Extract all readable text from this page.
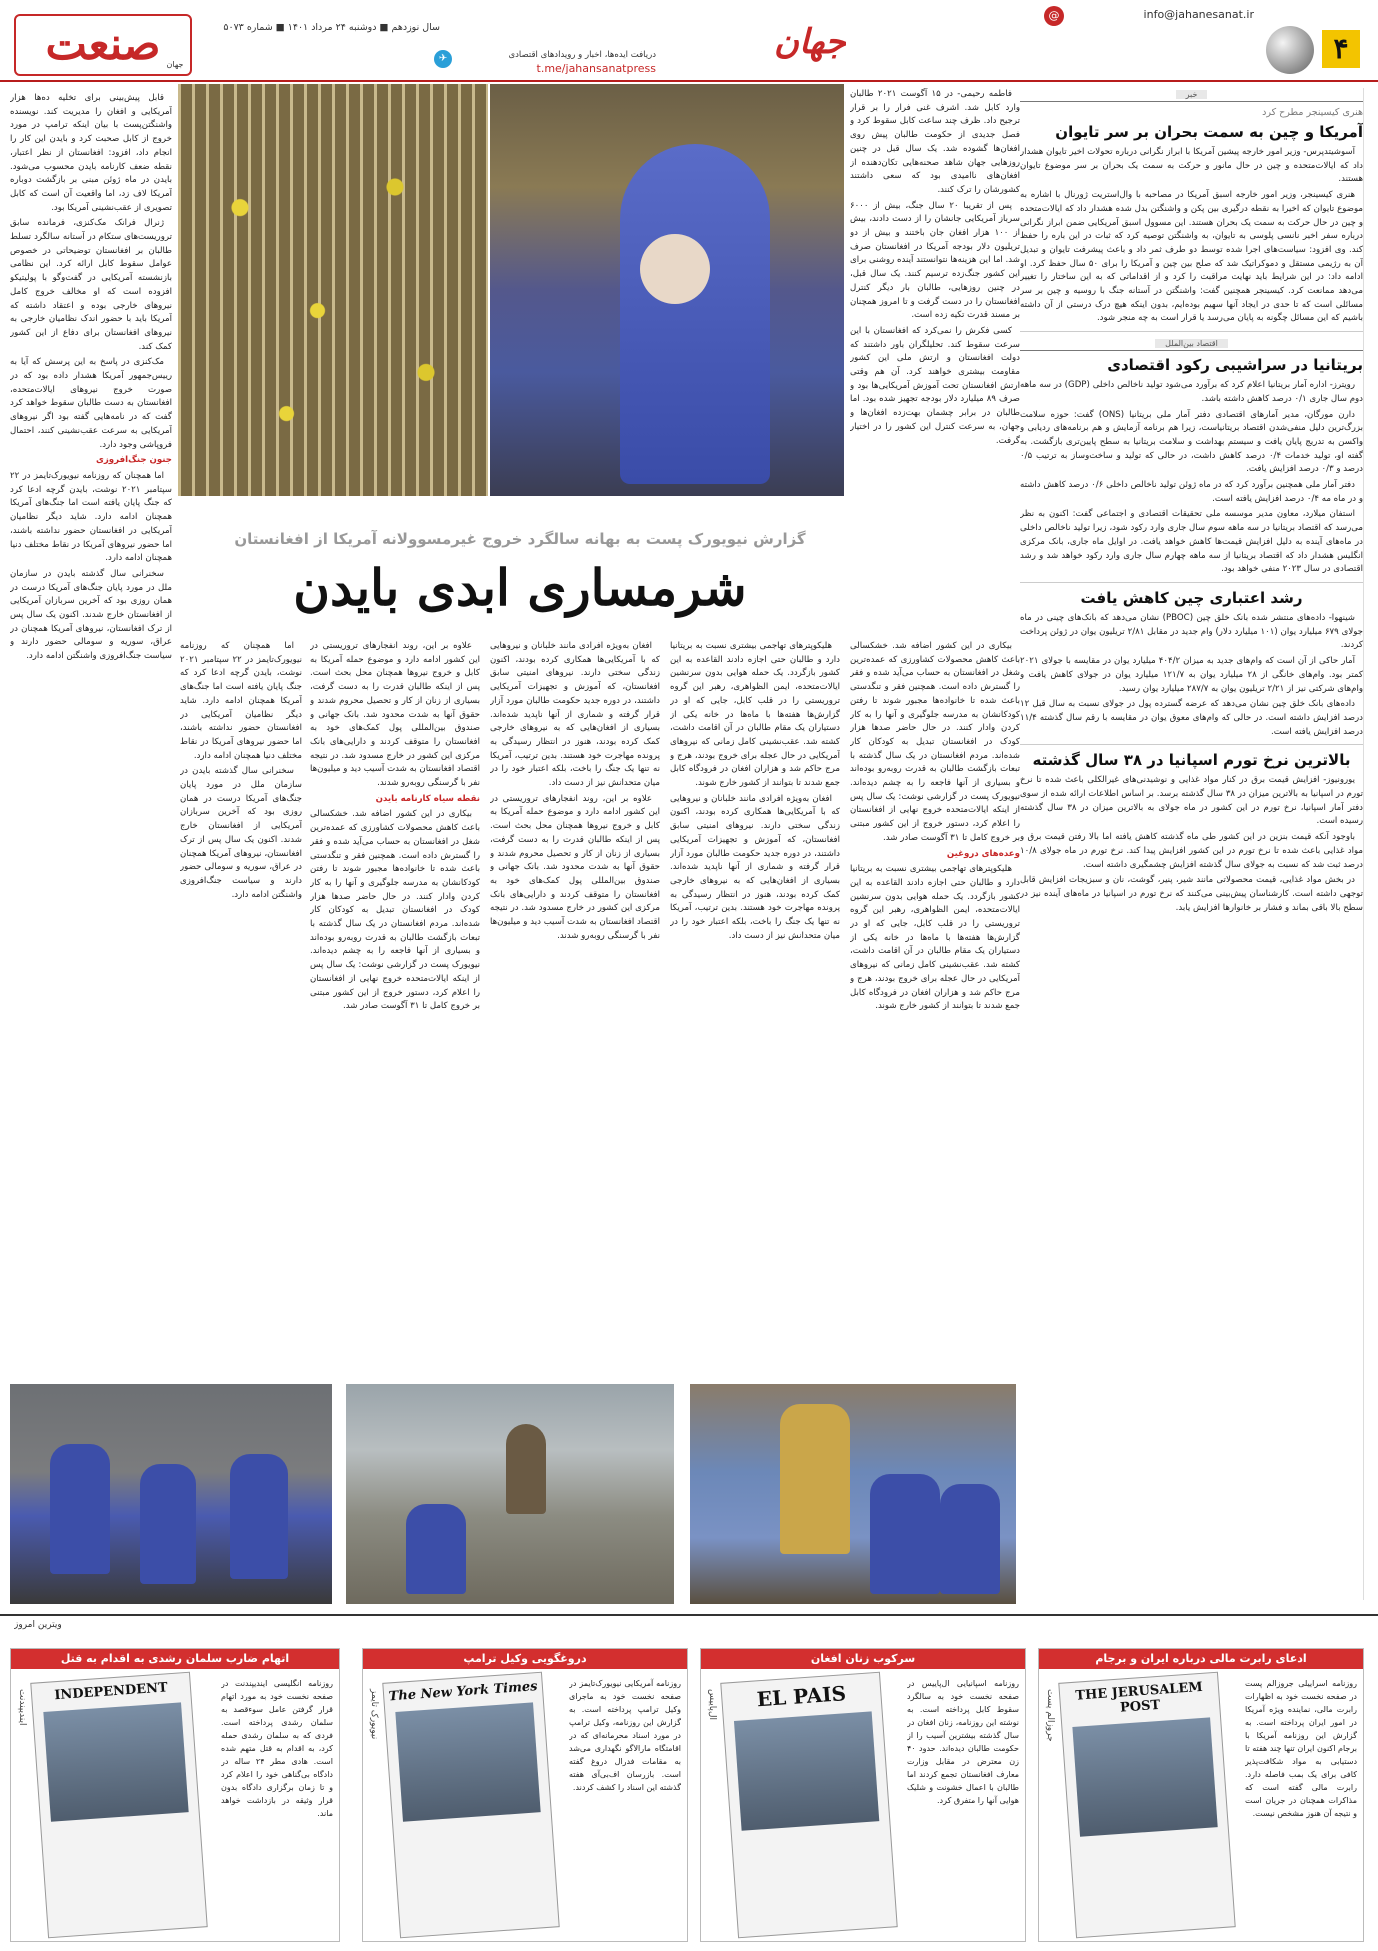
۴
info@jahanesanat.ir
@
جهان
✈	دریافت ایده‌ها، اخبار و رویدادهای اقتصادی
t.me/jahansanatpress
سال نوزدهم ■ دوشنبه ۲۴ مرداد ۱۴۰۱ ■ شماره ۵۰۷۳
صنعت جهان
خبر
هنری کیسینجر مطرح کرد
آمریکا و چین به سمت بحران بر سر تایوان

آسوشیتدپرس- وزیر امور خارجه پیشین آمریکا با ابراز نگرانی درباره تحولات اخیر تایوان هشدار داد که ایالات‌متحده و چین در حال مانور و حرکت به سمت یک بحران بر سر موضوع تایوان هستند.

هنری کیسینجر، وزیر امور خارجه اسبق آمریکا در مصاحبه با وال‌استریت ژورنال با اشاره به موضوع تایوان که اخیرا به نقطه درگیری بین پکن و واشنگتن بدل شده هشدار داد که ایالات‌متحده و چین در حال حرکت به سمت یک بحران هستند. این مسوول اسبق آمریکایی ضمن ابراز نگرانی درباره سفر اخیر نانسی پلوسی به تایوان، به واشنگتن توصیه کرد که ثبات در این باره را حفظ کند. وی افزود: سیاست‌های اجرا شده توسط دو طرف ثمر داد و باعث پیشرفت تایوان و تبدیل آن به رژیمی مستقل و دموکراتیک شد که صلح بین چین و آمریکا را برای ۵۰ سال حفظ کرد. او ادامه داد: در این شرایط باید نهایت مراقبت را کرد و از اقداماتی که به این ساختار را تغییر می‌دهد ممانعت کرد. کیسینجر همچنین گفت: واشنگتن در آستانه جنگ با روسیه و چین بر سر مسائلی است که تا حدی در ایجاد آنها سهیم بوده‌ایم، بدون اینکه هیچ درک درستی از آن داشته باشیم که این مسائل چگونه به پایان می‌رسد یا قرار است به چه منجر شود.

اقتصاد بین‌الملل
بریتانیا در سراشیبی رکود اقتصادی

رویترز- اداره آمار بریتانیا اعلام کرد که برآورد می‌شود تولید ناخالص داخلی (GDP) در سه ماهه دوم سال جاری ۰/۱ درصد کاهش داشته باشد.

دارن مورگان، مدیر آمارهای اقتصادی دفتر آمار ملی بریتانیا (ONS) گفت: حوزه سلامت بزرگ‌ترین دلیل منفی‌شدن اقتصاد بریتانیاست، زیرا هم برنامه آزمایش و هم برنامه‌های ردیابی و واکسن به تدریج پایان یافت و سیستم بهداشت و سلامت بریتانیا به سطح پایین‌تری بازگشت. به گفته او، تولید خدمات ۰/۴ درصد کاهش داشت، در حالی که تولید و ساخت‌وساز به ترتیب ۰/۵ درصد و ۰/۳ درصد افزایش یافت.

دفتر آمار ملی همچنین برآورد کرد که در ماه ژوئن تولید ناخالص داخلی ۰/۶ درصد کاهش داشته و در ماه مه ۰/۴ درصد افزایش یافته است.

استفان میلارد، معاون مدیر موسسه ملی تحقیقات اقتصادی و اجتماعی گفت: اکنون به نظر می‌رسد که اقتصاد بریتانیا در سه ماهه سوم سال جاری وارد رکود شود، زیرا تولید ناخالص داخلی در ماه‌های آینده به دلیل افزایش قیمت‌ها کاهش خواهد یافت. در اوایل ماه جاری، بانک مرکزی انگلیس هشدار داد که اقتصاد بریتانیا از سه ماهه چهارم سال جاری وارد رکود خواهد شد و رشد اقتصادی در سال ۲۰۲۳ منفی خواهد بود.

رشد اعتباری چین کاهش یافت

شینهوا- داده‌های منتشر شده بانک خلق چین (PBOC) نشان می‌دهد که بانک‌های چینی در ماه جولای ۶۷۹ میلیارد یوان (۱۰۱ میلیارد دلار) وام جدید در مقابل ۲/۸۱ تریلیون یوان در ژوئن پرداخت کردند.

آمار حاکی از آن است که وام‌های جدید به میزان ۴۰۴/۲ میلیارد یوان در مقایسه با جولای ۲۰۲۱ کمتر بود. وام‌های خانگی از ۲۸ میلیارد یوان به ۱۲۱/۷ میلیارد یوان در جولای کاهش یافت و وام‌های شرکتی نیز از ۲/۲۱ تریلیون یوان به ۲۸۷/۷ میلیارد یوان رسید.

داده‌های بانک خلق چین نشان می‌دهد که عرضه گسترده پول در جولای نسبت به سال قبل ۱۲ درصد افزایش داشته است. در حالی که وام‌های معوق یوان در مقایسه با رقم سال گذشته ۱۱/۴ درصد افزایش یافته است.

بالاترین نرخ تورم اسپانیا در ۳۸ سال گذشته

یورونیوز- افزایش قیمت برق در کنار مواد غذایی و نوشیدنی‌های غیرالکلی باعث شده تا نرخ تورم در اسپانیا به بالاترین میزان در ۳۸ سال گذشته برسد. بر اساس اطلاعات ارائه شده از سوی دفتر آمار اسپانیا، نرخ تورم در این کشور در ماه جولای به بالاترین میزان در ۳۸ سال گذشته رسیده است.

باوجود آنکه قیمت بنزین در این کشور طی ماه گذشته کاهش یافته اما بالا رفتن قیمت برق و مواد غذایی باعث شده تا نرخ تورم در این کشور افزایش پیدا کند. نرخ تورم در ماه جولای ۱۰/۸ درصد ثبت شد که نسبت به جولای سال گذشته افزایش چشمگیری داشته است.

در بخش مواد غذایی، قیمت محصولاتی مانند شیر، پنیر، گوشت، نان و سبزیجات افزایش قابل توجهی داشته است. کارشناسان پیش‌بینی می‌کنند که نرخ تورم در اسپانیا در ماه‌های آینده نیز در سطح بالا باقی بماند و فشار بر خانوارها افزایش یابد.

فاطمه رحیمی- در ۱۵ آگوست ۲۰۲۱ طالبان وارد کابل شد. اشرف غنی فرار را بر قرار ترجیح داد. ظرف چند ساعت کابل سقوط کرد و فصل جدیدی از حکومت طالبان پیش روی افغان‌ها گشوده شد. یک سال قبل در چنین روزهایی جهان شاهد صحنه‌هایی تکان‌دهنده از افغان‌های ناامیدی بود که سعی داشتند کشورشان را ترک کنند.

پس از تقریبا ۲۰ سال جنگ، بیش از ۶۰۰۰ سرباز آمریکایی جانشان را از دست دادند، بیش از ۱۰۰ هزار افغان جان باختند و بیش از دو تریلیون دلار بودجه آمریکا در افغانستان صرف شد. اما این هزینه‌ها نتوانستند آینده روشنی برای این کشور جنگ‌زده ترسیم کنند. یک سال قبل، در چنین روزهایی، طالبان بار دیگر کنترل افغانستان را در دست گرفت و تا امروز همچنان بر مسند قدرت تکیه زده است.

کسی فکرش را نمی‌کرد که افغانستان با این سرعت سقوط کند. تحلیلگران باور داشتند که دولت افغانستان و ارتش ملی این کشور مقاومت بیشتری خواهند کرد. آن هم وقتی ارتش افغانستان تحت آموزش آمریکایی‌ها بود و صرف ۸۹ میلیارد دلار بودجه تجهیز شده بود. اما طالبان در برابر چشمان بهت‌زده افغان‌ها و جهان، به سرعت کنترل این کشور را در اختیار گرفت.

گزارش نیویورک پست به بهانه سالگرد خروج غیرمسوولانه آمریکا از افغانستان
شرمساری ابدی بایدن

بیکاری در این کشور اضافه شد. خشکسالی باعث کاهش محصولات کشاورزی که عمده‌ترین شغل در افغانستان به حساب می‌آید شده و فقر را گسترش داده است. همچنین فقر و تنگدستی باعث شده تا خانواده‌ها مجبور شوند تا رفتن کودکانشان به مدرسه جلوگیری و آنها را به کار کردن وادار کنند. در حال حاضر صدها هزار کودک در افغانستان تبدیل به کودکان کار شده‌اند. مردم افغانستان در یک سال گذشته با تبعات بازگشت طالبان به قدرت روبه‌رو بوده‌اند و بسیاری از آنها فاجعه را به چشم دیده‌اند. نیویورک پست در گزارشی نوشت: یک سال پس از اینکه ایالات‌متحده خروج نهایی از افغانستان را اعلام کرد، دستور خروج از این کشور مبتنی بر خروج کامل تا ۳۱ آگوست صادر شد.

وعده‌های دروغین

هلیکوپترهای تهاجمی بیشتری نسبت به بریتانیا دارد و طالبان حتی اجازه دادند القاعده به این کشور بازگردد. یک حمله هوایی بدون سرنشین ایالات‌متحده، ایمن الظواهری، رهبر این گروه تروریستی را در قلب کابل، جایی که او در گزارش‌ها هفته‌ها با ماه‌ها در خانه یکی از دستیاران یک مقام طالبان در آن اقامت داشت، کشته شد. عقب‌نشینی کامل زمانی که نیروهای آمریکایی در حال عجله برای خروج بودند، هرج و مرج حاکم شد و هزاران افغان در فرودگاه کابل جمع شدند تا بتوانند از کشور خارج شوند.

هلیکوپترهای تهاجمی بیشتری نسبت به بریتانیا دارد و طالبان حتی اجازه دادند القاعده به این کشور بازگردد. یک حمله هوایی بدون سرنشین ایالات‌متحده، ایمن الظواهری، رهبر این گروه تروریستی را در قلب کابل، جایی که او در گزارش‌ها هفته‌ها با ماه‌ها در خانه یکی از دستیاران یک مقام طالبان در آن اقامت داشت، کشته شد. عقب‌نشینی کامل زمانی که نیروهای آمریکایی در حال عجله برای خروج بودند، هرج و مرج حاکم شد و هزاران افغان در فرودگاه کابل جمع شدند تا بتوانند از کشور خارج شوند.

افغان به‌ویژه افرادی مانند خلبانان و نیروهایی که با آمریکایی‌ها همکاری کرده بودند، اکنون زندگی سختی دارند. نیروهای امنیتی سابق افغانستان، که آموزش و تجهیزات آمریکایی داشتند، در دوره جدید حکومت طالبان مورد آزار قرار گرفته و شماری از آنها ناپدید شده‌اند. بسیاری از افغان‌هایی که به نیروهای خارجی کمک کرده بودند، هنوز در انتظار رسیدگی به پرونده مهاجرت خود هستند. بدین ترتیب، آمریکا نه تنها یک جنگ را باخت، بلکه اعتبار خود را در میان متحدانش نیز از دست داد.

افغان به‌ویژه افرادی مانند خلبانان و نیروهایی که با آمریکایی‌ها همکاری کرده بودند، اکنون زندگی سختی دارند. نیروهای امنیتی سابق افغانستان، که آموزش و تجهیزات آمریکایی داشتند، در دوره جدید حکومت طالبان مورد آزار قرار گرفته و شماری از آنها ناپدید شده‌اند. بسیاری از افغان‌هایی که به نیروهای خارجی کمک کرده بودند، هنوز در انتظار رسیدگی به پرونده مهاجرت خود هستند. بدین ترتیب، آمریکا نه تنها یک جنگ را باخت، بلکه اعتبار خود را در میان متحدانش نیز از دست داد.

علاوه بر این، روند انفجارهای تروریستی در این کشور ادامه دارد و موضوع حمله آمریکا به کابل و خروج نیروها همچنان محل بحث است. پس از اینکه طالبان قدرت را به دست گرفت، بسیاری از زنان از کار و تحصیل محروم شدند و حقوق آنها به شدت محدود شد. بانک جهانی و صندوق بین‌المللی پول کمک‌های خود به افغانستان را متوقف کردند و دارایی‌های بانک مرکزی این کشور در خارج مسدود شد. در نتیجه اقتصاد افغانستان به شدت آسیب دید و میلیون‌ها نفر با گرسنگی روبه‌رو شدند.

علاوه بر این، روند انفجارهای تروریستی در این کشور ادامه دارد و موضوع حمله آمریکا به کابل و خروج نیروها همچنان محل بحث است. پس از اینکه طالبان قدرت را به دست گرفت، بسیاری از زنان از کار و تحصیل محروم شدند و حقوق آنها به شدت محدود شد. بانک جهانی و صندوق بین‌المللی پول کمک‌های خود به افغانستان را متوقف کردند و دارایی‌های بانک مرکزی این کشور در خارج مسدود شد. در نتیجه اقتصاد افغانستان به شدت آسیب دید و میلیون‌ها نفر با گرسنگی روبه‌رو شدند.

نقطه سیاه کارنامه بایدن

بیکاری در این کشور اضافه شد. خشکسالی باعث کاهش محصولات کشاورزی که عمده‌ترین شغل در افغانستان به حساب می‌آید شده و فقر را گسترش داده است. همچنین فقر و تنگدستی باعث شده تا خانواده‌ها مجبور شوند تا رفتن کودکانشان به مدرسه جلوگیری و آنها را به کار کردن وادار کنند. در حال حاضر صدها هزار کودک در افغانستان تبدیل به کودکان کار شده‌اند. مردم افغانستان در یک سال گذشته با تبعات بازگشت طالبان به قدرت روبه‌رو بوده‌اند و بسیاری از آنها فاجعه را به چشم دیده‌اند. نیویورک پست در گزارشی نوشت: یک سال پس از اینکه ایالات‌متحده خروج نهایی از افغانستان را اعلام کرد، دستور خروج از این کشور مبتنی بر خروج کامل تا ۳۱ آگوست صادر شد.

اما همچنان که روزنامه نیویورک‌تایمز در ۲۲ سپتامبر ۲۰۲۱ نوشت، بایدن گرچه ادعا کرد که جنگ پایان یافته است اما جنگ‌های آمریکا همچنان ادامه دارد. شاید دیگر نظامیان آمریکایی در افغانستان حضور نداشته باشند، اما حضور نیروهای آمریکا در نقاط مختلف دنیا همچنان ادامه دارد.

سخنرانی سال گذشته بایدن در سازمان ملل در مورد پایان جنگ‌های آمریکا درست در همان روزی بود که آخرین سربازان آمریکایی از افغانستان خارج شدند. اکنون یک سال پس از ترک افغانستان، نیروهای آمریکا همچنان در عراق، سوریه و سومالی حضور دارند و سیاست جنگ‌افروزی واشنگتن ادامه دارد.

قابل پیش‌بینی برای تخلیه ده‌ها هزار آمریکایی و افغان را مدیریت کند. نویسنده واشنگتن‌پست با بیان اینکه ترامپ در مورد خروج از کابل صحبت کرد و بایدن این کار را انجام داد، افزود: افغانستان از نظر اعتبار، نقطه ضعف کارنامه بایدن محسوب می‌شود. بایدن در ماه ژوئن مبنی بر بازگشت دوباره آمریکا لاف زد، اما واقعیت آن است که کابل تصویری از عقب‌نشینی آمریکا بود.

ژنرال فرانک مک‌کنزی، فرمانده سابق تروریست‌های ستکام در آستانه سالگرد تسلط طالبان بر افغانستان توضیحاتی در خصوص عوامل سقوط کابل ارائه کرد. این نظامی بازنشسته آمریکایی در گفت‌وگو با پولیتیکو افزوده است که او مخالف خروج کامل نیروهای خارجی بوده و اعتقاد داشته که آمریکا باید با حضور اندک نظامیان خارجی به نیروهای افغانستان برای دفاع از این کشور کمک کند.

مک‌کنزی در پاسخ به این پرسش که آیا به رییس‌جمهور آمریکا هشدار داده بود که در صورت خروج نیروهای ایالات‌متحده، افغانستان به دست طالبان سقوط خواهد کرد گفت که در نامه‌هایی گفته بود اگر نیروهای آمریکایی به سرعت عقب‌نشینی کنند، احتمال فروپاشی وجود دارد.

جنون جنگ‌افروزی

اما همچنان که روزنامه نیویورک‌تایمز در ۲۲ سپتامبر ۲۰۲۱ نوشت، بایدن گرچه ادعا کرد که جنگ پایان یافته است اما جنگ‌های آمریکا همچنان ادامه دارد. شاید دیگر نظامیان آمریکایی در افغانستان حضور نداشته باشند، اما حضور نیروهای آمریکا در نقاط مختلف دنیا همچنان ادامه دارد.

سخنرانی سال گذشته بایدن در سازمان ملل در مورد پایان جنگ‌های آمریکا درست در همان روزی بود که آخرین سربازان آمریکایی از افغانستان خارج شدند. اکنون یک سال پس از ترک افغانستان، نیروهای آمریکا همچنان در عراق، سوریه و سومالی حضور دارند و سیاست جنگ‌افروزی واشنگتن ادامه دارد.

ویترین امروز
ادعای رابرت مالی درباره ایران و برجام
روزنامه اسراییلی جروزالم پست در صفحه نخست خود به اظهارات رابرت مالی، نماینده ویژه آمریکا در امور ایران پرداخته است. به گزارش این روزنامه آمریکا با برجام اکنون ایران تنها چند هفته تا دستیابی به مواد شکافت‌پذیر کافی برای یک بمب فاصله دارد. رابرت مالی گفته است که مذاکرات همچنان در جریان است و نتیجه آن هنوز مشخص نیست.
THE JERUSALEM POST
جروزالم پست
سرکوب زنان افغان
روزنامه اسپانیایی ال‌پاییس در صفحه نخست خود به سالگرد سقوط کابل پرداخته است. به نوشته این روزنامه، زنان افغان در سال گذشته بیشترین آسیب را از حکومت طالبان دیده‌اند. حدود ۴۰ زن معترض در مقابل وزارت معارف افغانستان تجمع کردند اما طالبان با اعمال خشونت و شلیک هوایی آنها را متفرق کرد.
EL PAIS
ال‌پاییس
دروغگویی وکیل ترامپ
روزنامه آمریکایی نیویورک‌تایمز در صفحه نخست خود به ماجرای وکیل ترامپ پرداخته است. به گزارش این روزنامه، وکیل ترامپ در مورد اسناد محرمانه‌ای که در اقامتگاه مارالاگو نگهداری می‌شد به مقامات فدرال دروغ گفته است. بازرسان اف‌بی‌آی هفته گذشته این اسناد را کشف کردند.
The New York Times
نیویورک تایمز
اتهام ضارب سلمان رشدی به اقدام به قتل
روزنامه انگلیسی ایندیپندنت در صفحه نخست خود به مورد اتهام قرار گرفتن عامل سوءقصد به سلمان رشدی پرداخته است. فردی که به سلمان رشدی حمله کرد، به اقدام به قتل متهم شده است. هادی مطر ۲۴ ساله در دادگاه بی‌گناهی خود را اعلام کرد و تا زمان برگزاری دادگاه بدون قرار وثیقه در بازداشت خواهد ماند.
INDEPENDENT
ایندیپندنت
